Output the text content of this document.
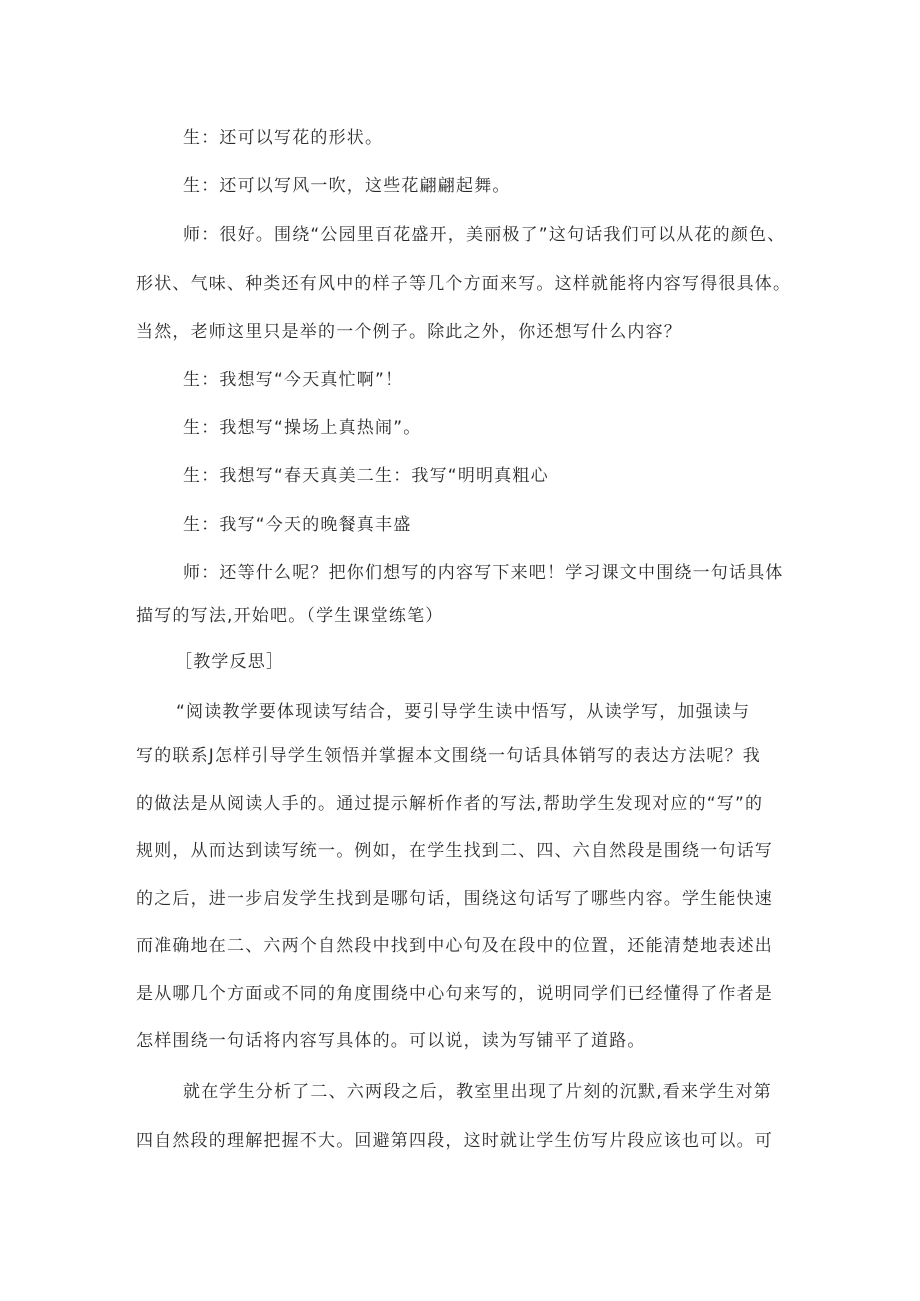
生：还可以写花的形状。
生：还可以写风一吹，这些花翩翩起舞。
师：很好。围绕“公园里百花盛开，美丽极了”这句话我们可以从花的颜色、
形状、气味、种类还有风中的样子等几个方面来写。这样就能将内容写得很具体。
当然，老师这里只是举的一个例子。除此之外，你还想写什么内容？
生：我想写“今天真忙啊”！
生：我想写“操场上真热闹”。
生：我想写“春天真美二生：我写“明明真粗心
生：我写“今天的晚餐真丰盛
师：还等什么呢？把你们想写的内容写下来吧！学习课文中围绕一句话具体
描写的写法,开始吧。（学生课堂练笔）
［教学反思］
“阅读教学要体现读写结合，要引导学生读中悟写，从读学写，加强读与
写的联系J怎样引导学生领悟并掌握本文围绕一句话具体销写的表达方法呢？我
的做法是从阅读人手的。通过提示解析作者的写法,帮助学生发现对应的“写”的
规则，从而达到读写统一。例如，在学生找到二、四、六自然段是围绕一句话写
的之后，进一步启发学生找到是哪句话，围绕这句话写了哪些内容。学生能快速
而准确地在二、六两个自然段中找到中心句及在段中的位置，还能清楚地表述出
是从哪几个方面或不同的角度围绕中心句来写的，说明同学们已经懂得了作者是
怎样围绕一句话将内容写具体的。可以说，读为写铺平了道路。
就在学生分析了二、六两段之后，教室里出现了片刻的沉默,看来学生对第
四自然段的理解把握不大。回避第四段，这时就让学生仿写片段应该也可以。可
